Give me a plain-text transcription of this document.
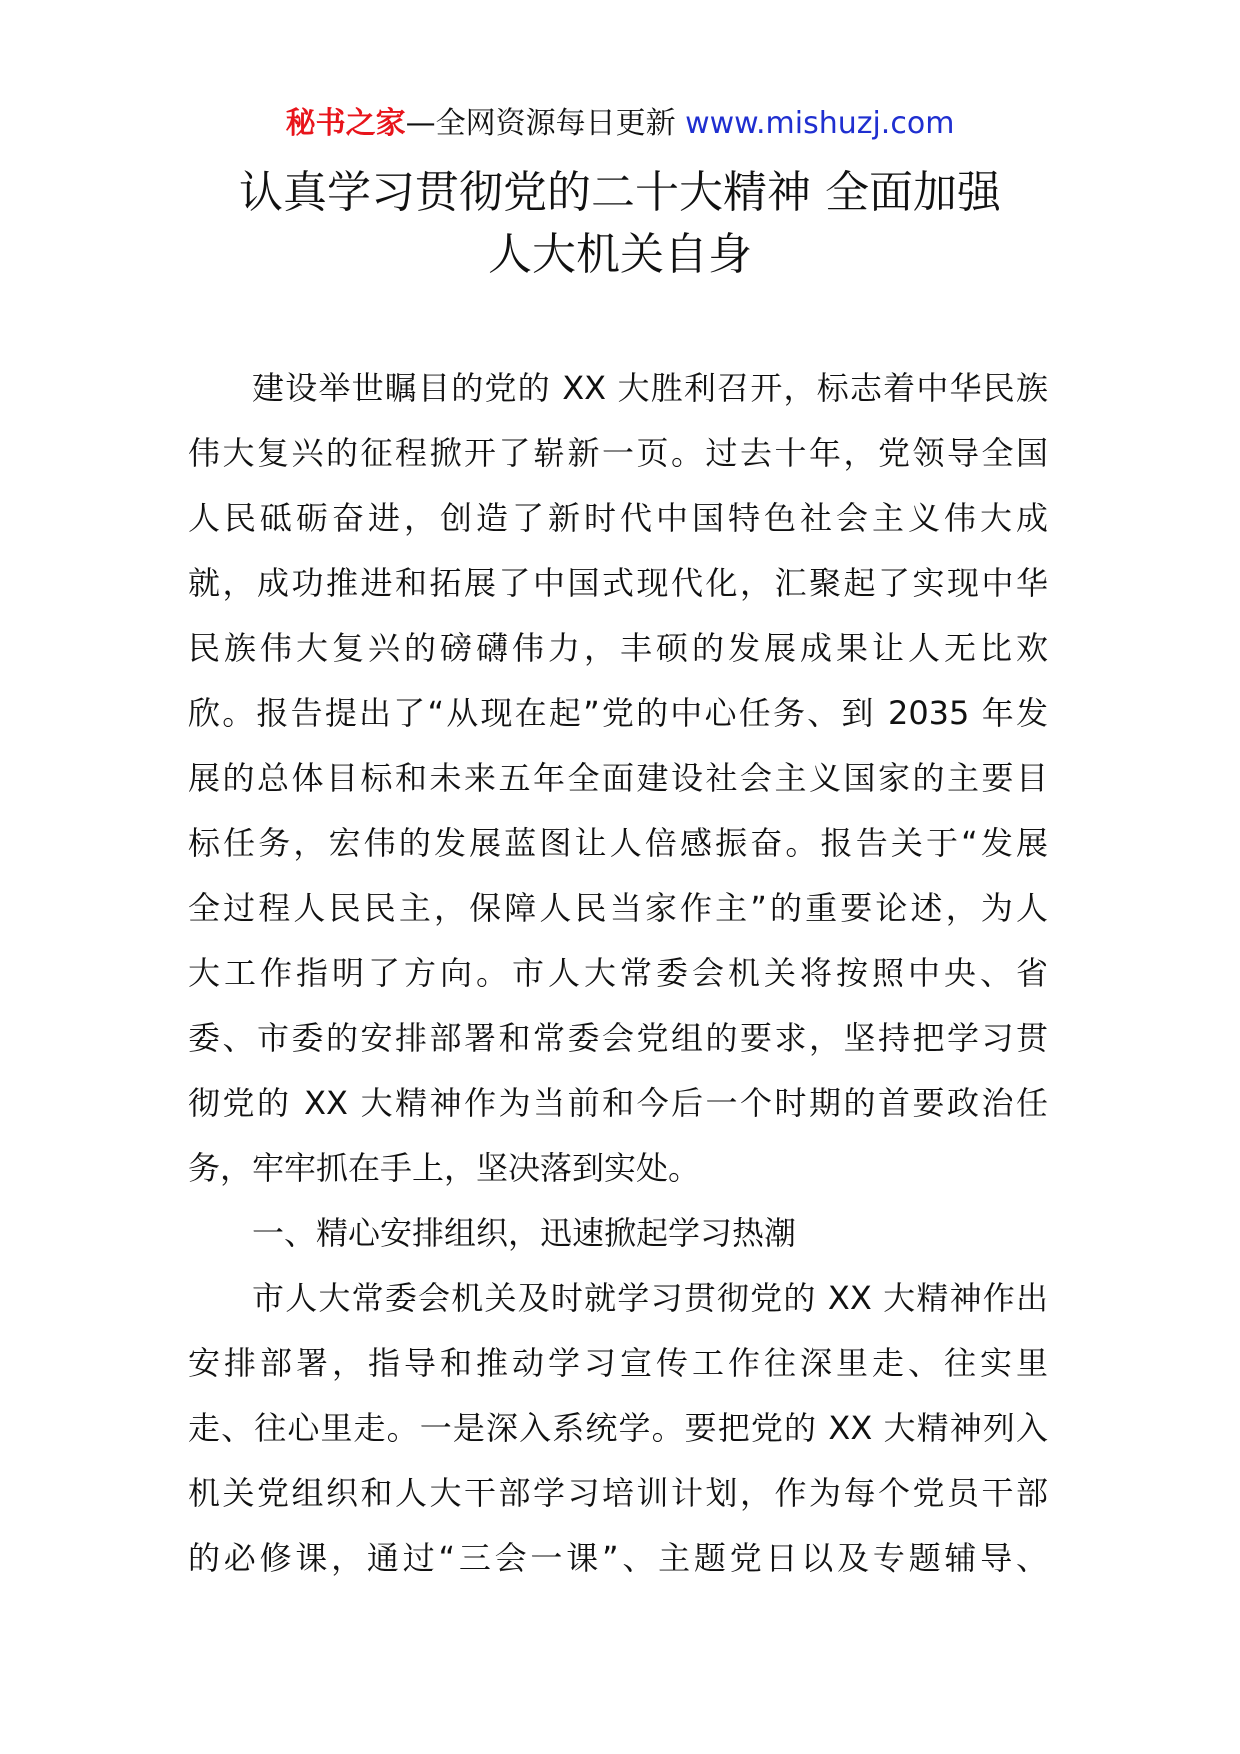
秘书之家—全网资源每日更新 www.mishuzj.com
认真学习贯彻党的二十大精神 全面加强
人大机关自身
建设举世瞩目的党的 XX 大胜利召开，标志着中华民族
伟大复兴的征程掀开了崭新一页。过去十年，党领导全国
人民砥砺奋进，创造了新时代中国特色社会主义伟大成
就，成功推进和拓展了中国式现代化，汇聚起了实现中华
民族伟大复兴的磅礴伟力，丰硕的发展成果让人无比欢
欣。报告提出了“从现在起”党的中心任务、到 2035 年发
展的总体目标和未来五年全面建设社会主义国家的主要目
标任务，宏伟的发展蓝图让人倍感振奋。报告关于“发展
全过程人民民主，保障人民当家作主”的重要论述，为人
大工作指明了方向。市人大常委会机关将按照中央、省
委、市委的安排部署和常委会党组的要求，坚持把学习贯
彻党的 XX 大精神作为当前和今后一个时期的首要政治任
务，牢牢抓在手上，坚决落到实处。
一、精心安排组织，迅速掀起学习热潮
市人大常委会机关及时就学习贯彻党的 XX 大精神作出
安排部署，指导和推动学习宣传工作往深里走、往实里
走、往心里走。一是深入系统学。要把党的 XX 大精神列入
机关党组织和人大干部学习培训计划，作为每个党员干部
的必修课，通过“三会一课”、主题党日以及专题辅导、
